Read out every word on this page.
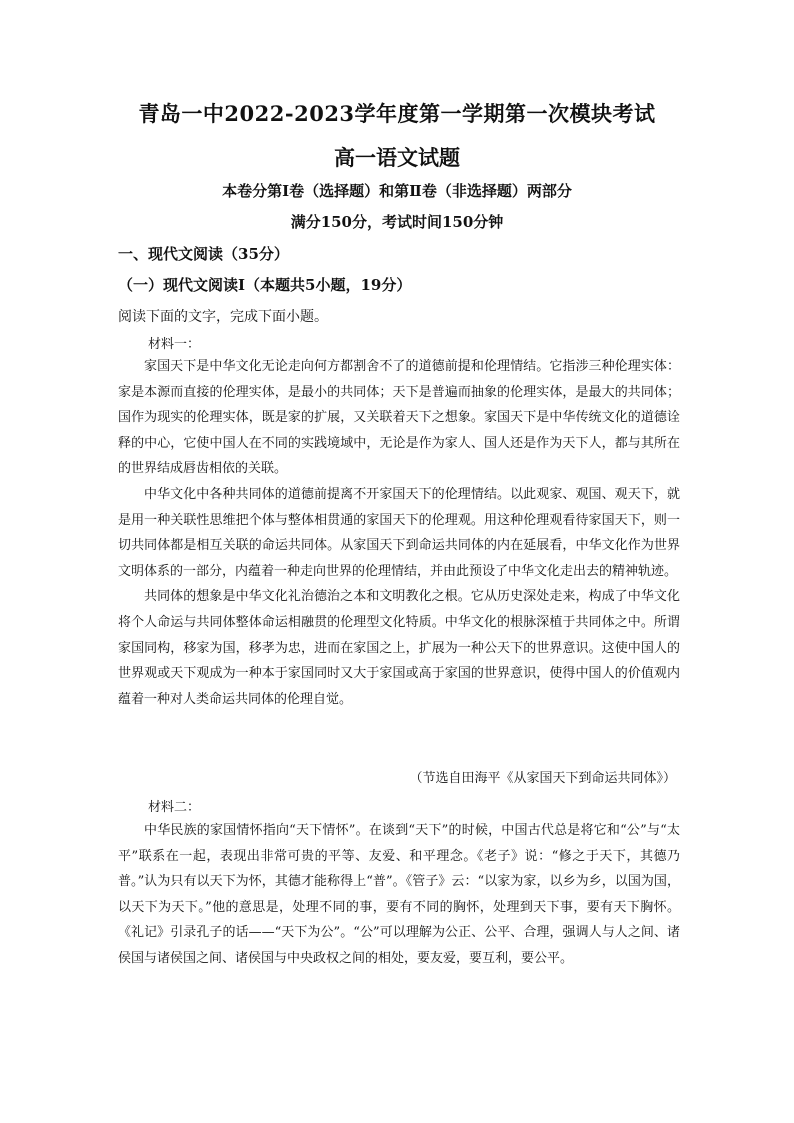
青岛一中2022-2023学年度第一学期第一次模块考试
高一语文试题
本卷分第Ⅰ卷（选择题）和第Ⅱ卷（非选择题）两部分
满分150分，考试时间150分钟
一、现代文阅读（35分）
（一）现代文阅读Ⅰ（本题共5小题，19分）
阅读下面的文字，完成下面小题。
材料一：

家国天下是中华文化无论走向何方都割舍不了的道德前提和伦理情结。它指涉三种伦理实体：家是本源而直接的伦理实体，是最小的共同体；天下是普遍而抽象的伦理实体，是最大的共同体；国作为现实的伦理实体，既是家的扩展，又关联着天下之想象。家国天下是中华传统文化的道德诠释的中心，它使中国人在不同的实践境域中，无论是作为家人、国人还是作为天下人，都与其所在的世界结成唇齿相依的关联。

中华文化中各种共同体的道德前提离不开家国天下的伦理情结。以此观家、观国、观天下，就是用一种关联性思维把个体与整体相贯通的家国天下的伦理观。用这种伦理观看待家国天下，则一切共同体都是相互关联的命运共同体。从家国天下到命运共同体的内在延展看，中华文化作为世界文明体系的一部分，内蕴着一种走向世界的伦理情结，并由此预设了中华文化走出去的精神轨迹。

共同体的想象是中华文化礼治德治之本和文明教化之根。它从历史深处走来，构成了中华文化将个人命运与共同体整体命运相融贯的伦理型文化特质。中华文化的根脉深植于共同体之中。所谓家国同构，移家为国，移孝为忠，进而在家国之上，扩展为一种公天下的世界意识。这使中国人的世界观或天下观成为一种本于家国同时又大于家国或高于家国的世界意识，使得中国人的价值观内蕴着一种对人类命运共同体的伦理自觉。

（节选自田海平《从家国天下到命运共同体》）
材料二：

中华民族的家国情怀指向“天下情怀”。在谈到“天下”的时候，中国古代总是将它和“公”与“太平”联系在一起，表现出非常可贵的平等、友爱、和平理念。《老子》说：“修之于天下，其德乃普。”认为只有以天下为怀，其德才能称得上“普”。《管子》云：“以家为家，以乡为乡，以国为国，以天下为天下。”他的意思是，处理不同的事，要有不同的胸怀，处理到天下事，要有天下胸怀。《礼记》引录孔子的话——“天下为公”。“公”可以理解为公正、公平、合理，强调人与人之间、诸侯国与诸侯国之间、诸侯国与中央政权之间的相处，要友爱，要互利，要公平。
